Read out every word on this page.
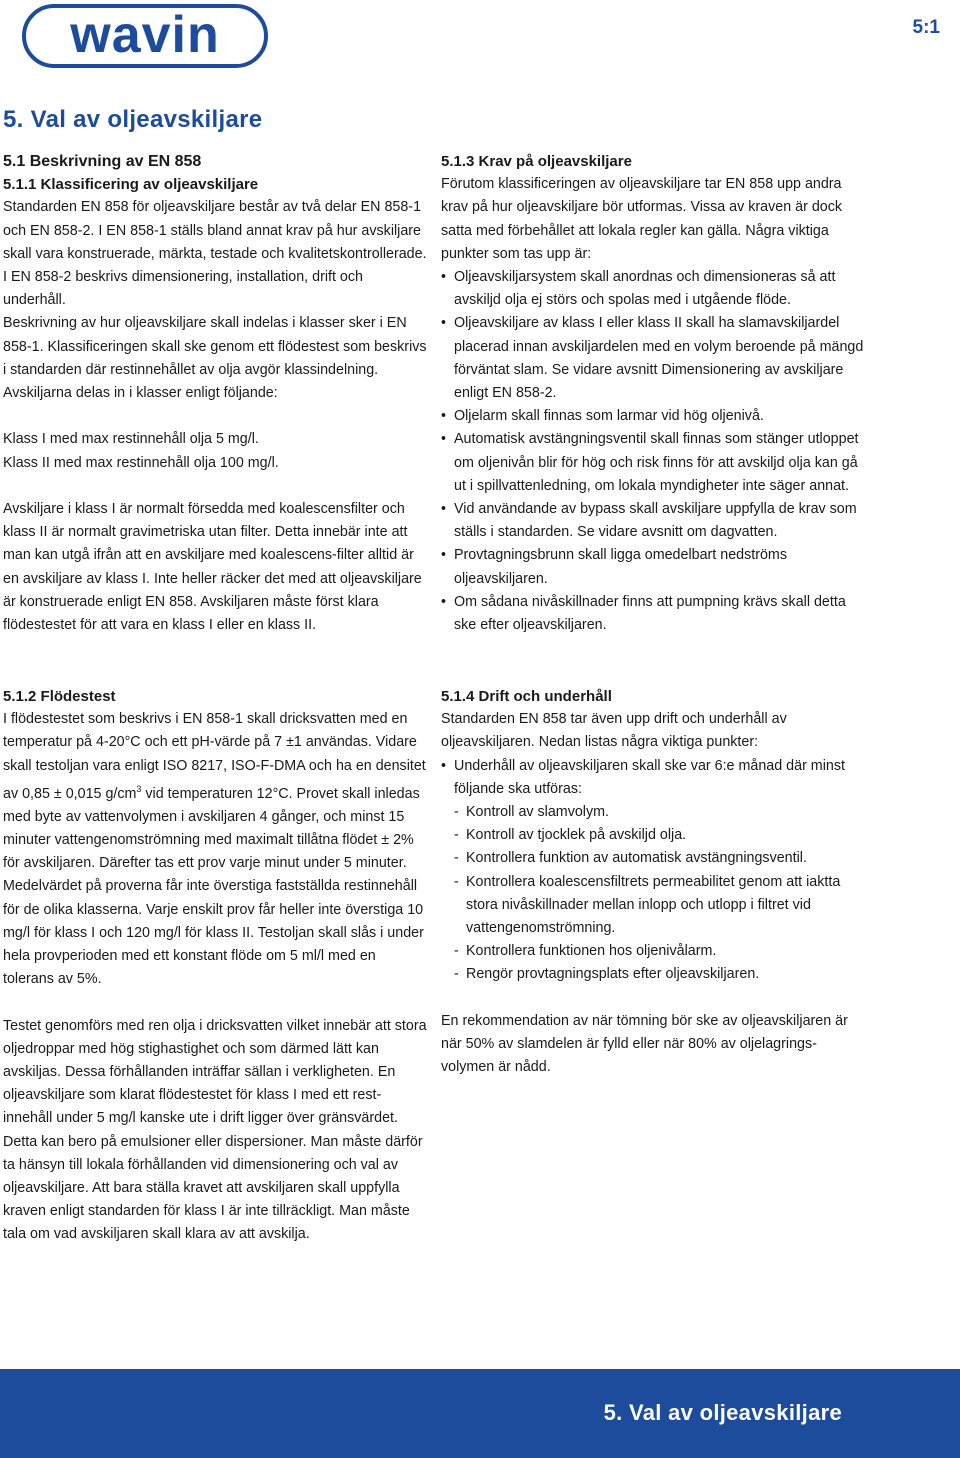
wavin	5:1
5. Val av oljeavskiljare
5.1 Beskrivning av EN 858
5.1.1 Klassificering av oljeavskiljare

Standarden EN 858 för oljeavskiljare består av två delar EN 858-1 och EN 858-2. I EN 858-1 ställs bland annat krav på hur avskiljare skall vara konstruerade, märkta, testade och kvalitetskontrollerade. I EN 858-2 beskrivs dimensionering, installation, drift och underhåll.

Beskrivning av hur oljeavskiljare skall indelas i klasser sker i EN 858-1. Klassificeringen skall ske genom ett flödestest som beskrivs i standarden där restinnehållet av olja avgör klassindelning. Avskiljarna delas in i klasser enligt följande:

Klass I med max restinnehåll olja 5 mg/l.

Klass II med max restinnehåll olja 100 mg/l.

Avskiljare i klass I är normalt försedda med koalescensfilter och klass II är normalt gravimetriska utan filter. Detta innebär inte att man kan utgå ifrån att en avskiljare med koalescens-filter alltid är en avskiljare av klass I. Inte heller räcker det med att oljeavskiljare är konstruerade enligt EN 858. Avskiljaren måste först klara flödestestet för att vara en klass I eller en klass II.

5.1.2 Flödestest

I flödestestet som beskrivs i EN 858-1 skall dricksvatten med en temperatur på 4-20°C och ett pH-värde på 7 ±1 användas. Vidare skall testoljan vara enligt ISO 8217, ISO-F-DMA och ha en densitet av 0,85 ± 0,015 $g/cm^3$ vid temperaturen 12°C. Provet skall inledas med byte av vattenvolymen i avskiljaren 4 gånger, och minst 15 minuter vattengenomströmning med maximalt tillåtna flödet ± 2% för avskiljaren. Därefter tas ett prov varje minut under 5 minuter. Medelvärdet på proverna får inte överstiga fastställda restinnehåll för de olika klasserna. Varje enskilt prov får heller inte överstiga 10 mg/l för klass I och 120 mg/l för klass II. Testoljan skall slås i under hela provperioden med ett konstant flöde om 5 ml/l med en tolerans av 5%.

Testet genomförs med ren olja i dricksvatten vilket innebär att stora oljedroppar med hög stighastighet och som därmed lätt kan avskiljas. Dessa förhållanden inträffar sällan i verkligheten. En oljeavskiljare som klarat flödestestet för klass I med ett rest-innehåll under 5 mg/l kanske ute i drift ligger över gränsvärdet. Detta kan bero på emulsioner eller dispersioner. Man måste därför ta hänsyn till lokala förhållanden vid dimensionering och val av oljeavskiljare. Att bara ställa kravet att avskiljaren skall uppfylla kraven enligt standarden för klass I är inte tillräckligt. Man måste tala om vad avskiljaren skall klara av att avskilja.

5.1.3 Krav på oljeavskiljare

Förutom klassificeringen av oljeavskiljare tar EN 858 upp andra krav på hur oljeavskiljare bör utformas. Vissa av kraven är dock satta med förbehållet att lokala regler kan gälla. Några viktiga punkter som tas upp är:

• Oljeavskiljarsystem skall anordnas och dimensioneras så att avskiljd olja ej störs och spolas med i utgående flöde.
• Oljeavskiljare av klass I eller klass II skall ha slamavskiljardel placerad innan avskiljardelen med en volym beroende på mängd förväntat slam. Se vidare avsnitt Dimensionering av avskiljare enligt EN 858-2.
• Oljelarm skall finnas som larmar vid hög oljenivå.
• Automatisk avstängningsventil skall finnas som stänger utloppet om oljenivån blir för hög och risk finns för att avskiljd olja kan gå ut i spillvattenledning, om lokala myndigheter inte säger annat.
• Vid användande av bypass skall avskiljare uppfylla de krav som ställs i standarden. Se vidare avsnitt om dagvatten.
• Provtagningsbrunn skall ligga omedelbart nedströms oljeavskiljaren.
• Om sådana nivåskillnader finns att pumpning krävs skall detta ske efter oljeavskiljaren.
5.1.4 Drift och underhåll

Standarden EN 858 tar även upp drift och underhåll av oljeavskiljaren. Nedan listas några viktiga punkter:

• Underhåll av oljeavskiljaren skall ske var 6:e månad där minst följande ska utföras:
- Kontroll av slamvolym.
- Kontroll av tjocklek på avskiljd olja.
- Kontrollera funktion av automatisk avstängningsventil.
- Kontrollera koalescensfiltrets permeabilitet genom att iaktta stora nivåskillnader mellan inlopp och utlopp i filtret vid vattengenomströmning.
- Kontrollera funktionen hos oljenivålarm.
- Rengör provtagningsplats efter oljeavskiljaren.

En rekommendation av när tömning bör ske av oljeavskiljaren är när 50% av slamdelen är fylld eller när 80% av oljelagrings-volymen är nådd.

5. Val av oljeavskiljare
